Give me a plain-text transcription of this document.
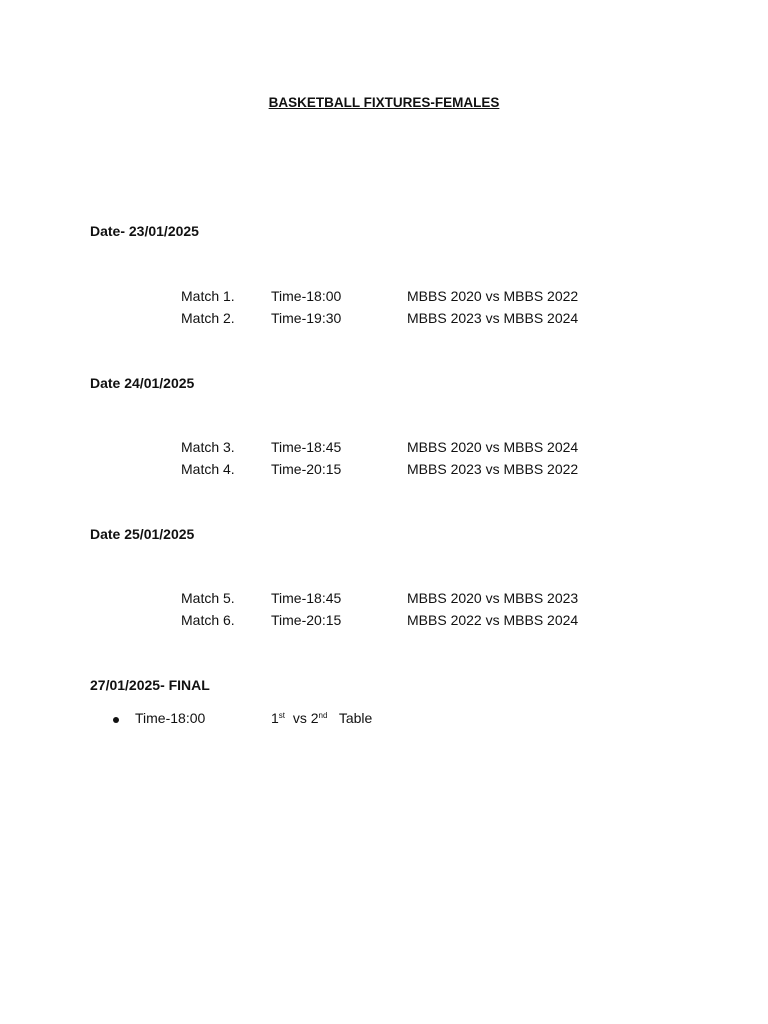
BASKETBALL FIXTURES-FEMALES
Date- 23/01/2025
Match 1.	Time-18:00	MBBS 2020 vs MBBS 2022
Match 2.	Time-19:30	MBBS 2023 vs MBBS 2024
Date 24/01/2025
Match 3.	Time-18:45	MBBS 2020 vs MBBS 2024
Match 4.	Time-20:15	MBBS 2023 vs MBBS 2022
Date 25/01/2025
Match 5.	Time-18:45	MBBS 2020 vs MBBS 2023
Match 6.	Time-20:15	MBBS 2022 vs MBBS 2024
27/01/2025- FINAL
Time-18:00	1st vs 2nd Table
